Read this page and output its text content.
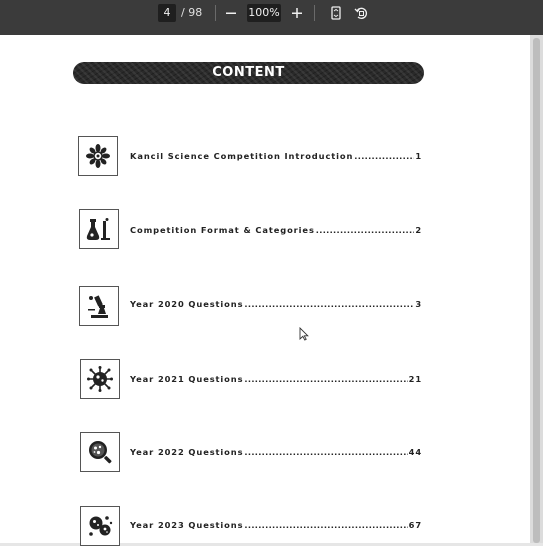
4 / 98	100%
CONTENT
Kancil Science Competition Introduction .....	1
Competition Format & Categories .....	2
Year 2020 Questions .....	3
Year 2021 Questions .....	21
Year 2022 Questions .....	44
Year 2023 Questions .....	67
